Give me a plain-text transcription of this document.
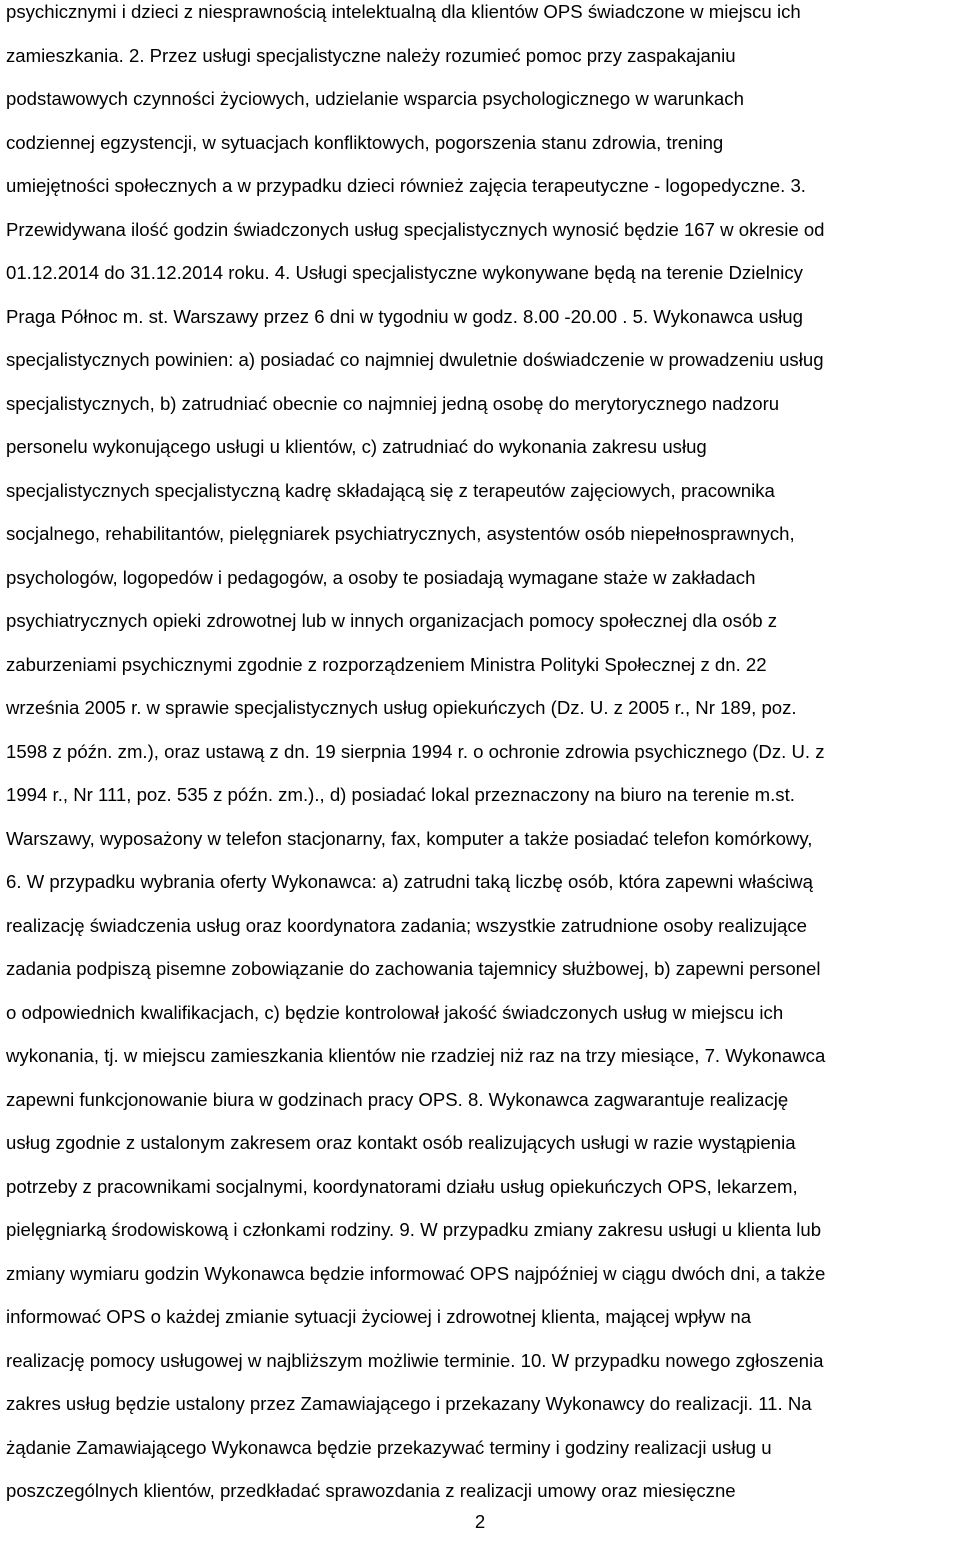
psychicznymi i dzieci z niesprawnością intelektualną dla klientów OPS świadczone w miejscu ich
zamieszkania. 2. Przez usługi specjalistyczne należy rozumieć pomoc przy zaspakajaniu
podstawowych czynności życiowych, udzielanie wsparcia psychologicznego w warunkach
codziennej egzystencji, w sytuacjach konfliktowych, pogorszenia stanu zdrowia, trening
umiejętności społecznych a w przypadku dzieci również zajęcia terapeutyczne - logopedyczne. 3.
Przewidywana ilość godzin świadczonych usług specjalistycznych wynosić będzie 167 w okresie od
01.12.2014 do 31.12.2014 roku. 4. Usługi specjalistyczne wykonywane będą na terenie Dzielnicy
Praga Północ m. st. Warszawy przez 6 dni w tygodniu w godz. 8.00 -20.00 . 5. Wykonawca usług
specjalistycznych powinien: a) posiadać co najmniej dwuletnie doświadczenie w prowadzeniu usług
specjalistycznych, b) zatrudniać obecnie co najmniej jedną osobę do merytorycznego nadzoru
personelu wykonującego usługi u klientów, c) zatrudniać do wykonania zakresu usług
specjalistycznych specjalistyczną kadrę składającą się z terapeutów zajęciowych, pracownika
socjalnego, rehabilitantów, pielęgniarek psychiatrycznych, asystentów osób niepełnosprawnych,
psychologów, logopedów i pedagogów, a osoby te posiadają wymagane staże w zakładach
psychiatrycznych opieki zdrowotnej lub w innych organizacjach pomocy społecznej dla osób z
zaburzeniami psychicznymi zgodnie z rozporządzeniem Ministra Polityki Społecznej z dn. 22
września 2005 r. w sprawie specjalistycznych usług opiekuńczych (Dz. U. z 2005 r., Nr 189, poz.
1598 z późn. zm.), oraz ustawą z dn. 19 sierpnia 1994 r. o ochronie zdrowia psychicznego (Dz. U. z
1994 r., Nr 111, poz. 535 z późn. zm.)., d) posiadać lokal przeznaczony na biuro na terenie m.st.
Warszawy, wyposażony w telefon stacjonarny, fax, komputer a także posiadać telefon komórkowy,
6. W przypadku wybrania oferty Wykonawca: a) zatrudni taką liczbę osób, która zapewni właściwą
realizację świadczenia usług oraz koordynatora zadania; wszystkie zatrudnione osoby realizujące
zadania podpiszą pisemne zobowiązanie do zachowania tajemnicy służbowej, b) zapewni personel
o odpowiednich kwalifikacjach, c) będzie kontrolował jakość świadczonych usług w miejscu ich
wykonania, tj. w miejscu zamieszkania klientów nie rzadziej niż raz na trzy miesiące, 7. Wykonawca
zapewni funkcjonowanie biura w godzinach pracy OPS. 8. Wykonawca zagwarantuje realizację
usług zgodnie z ustalonym zakresem oraz kontakt osób realizujących usługi w razie wystąpienia
potrzeby z pracownikami socjalnymi, koordynatorami działu usług opiekuńczych OPS, lekarzem,
pielęgniarką środowiskową i członkami rodziny. 9. W przypadku zmiany zakresu usługi u klienta lub
zmiany wymiaru godzin Wykonawca będzie informować OPS najpóźniej w ciągu dwóch dni, a także
informować OPS o każdej zmianie sytuacji życiowej i zdrowotnej klienta, mającej wpływ na
realizację pomocy usługowej w najbliższym możliwie terminie. 10. W przypadku nowego zgłoszenia
zakres usług będzie ustalony przez Zamawiającego i przekazany Wykonawcy do realizacji. 11. Na
żądanie Zamawiającego Wykonawca będzie przekazywać terminy i godziny realizacji usług u
poszczególnych klientów, przedkładać sprawozdania z realizacji umowy oraz miesięczne
2
